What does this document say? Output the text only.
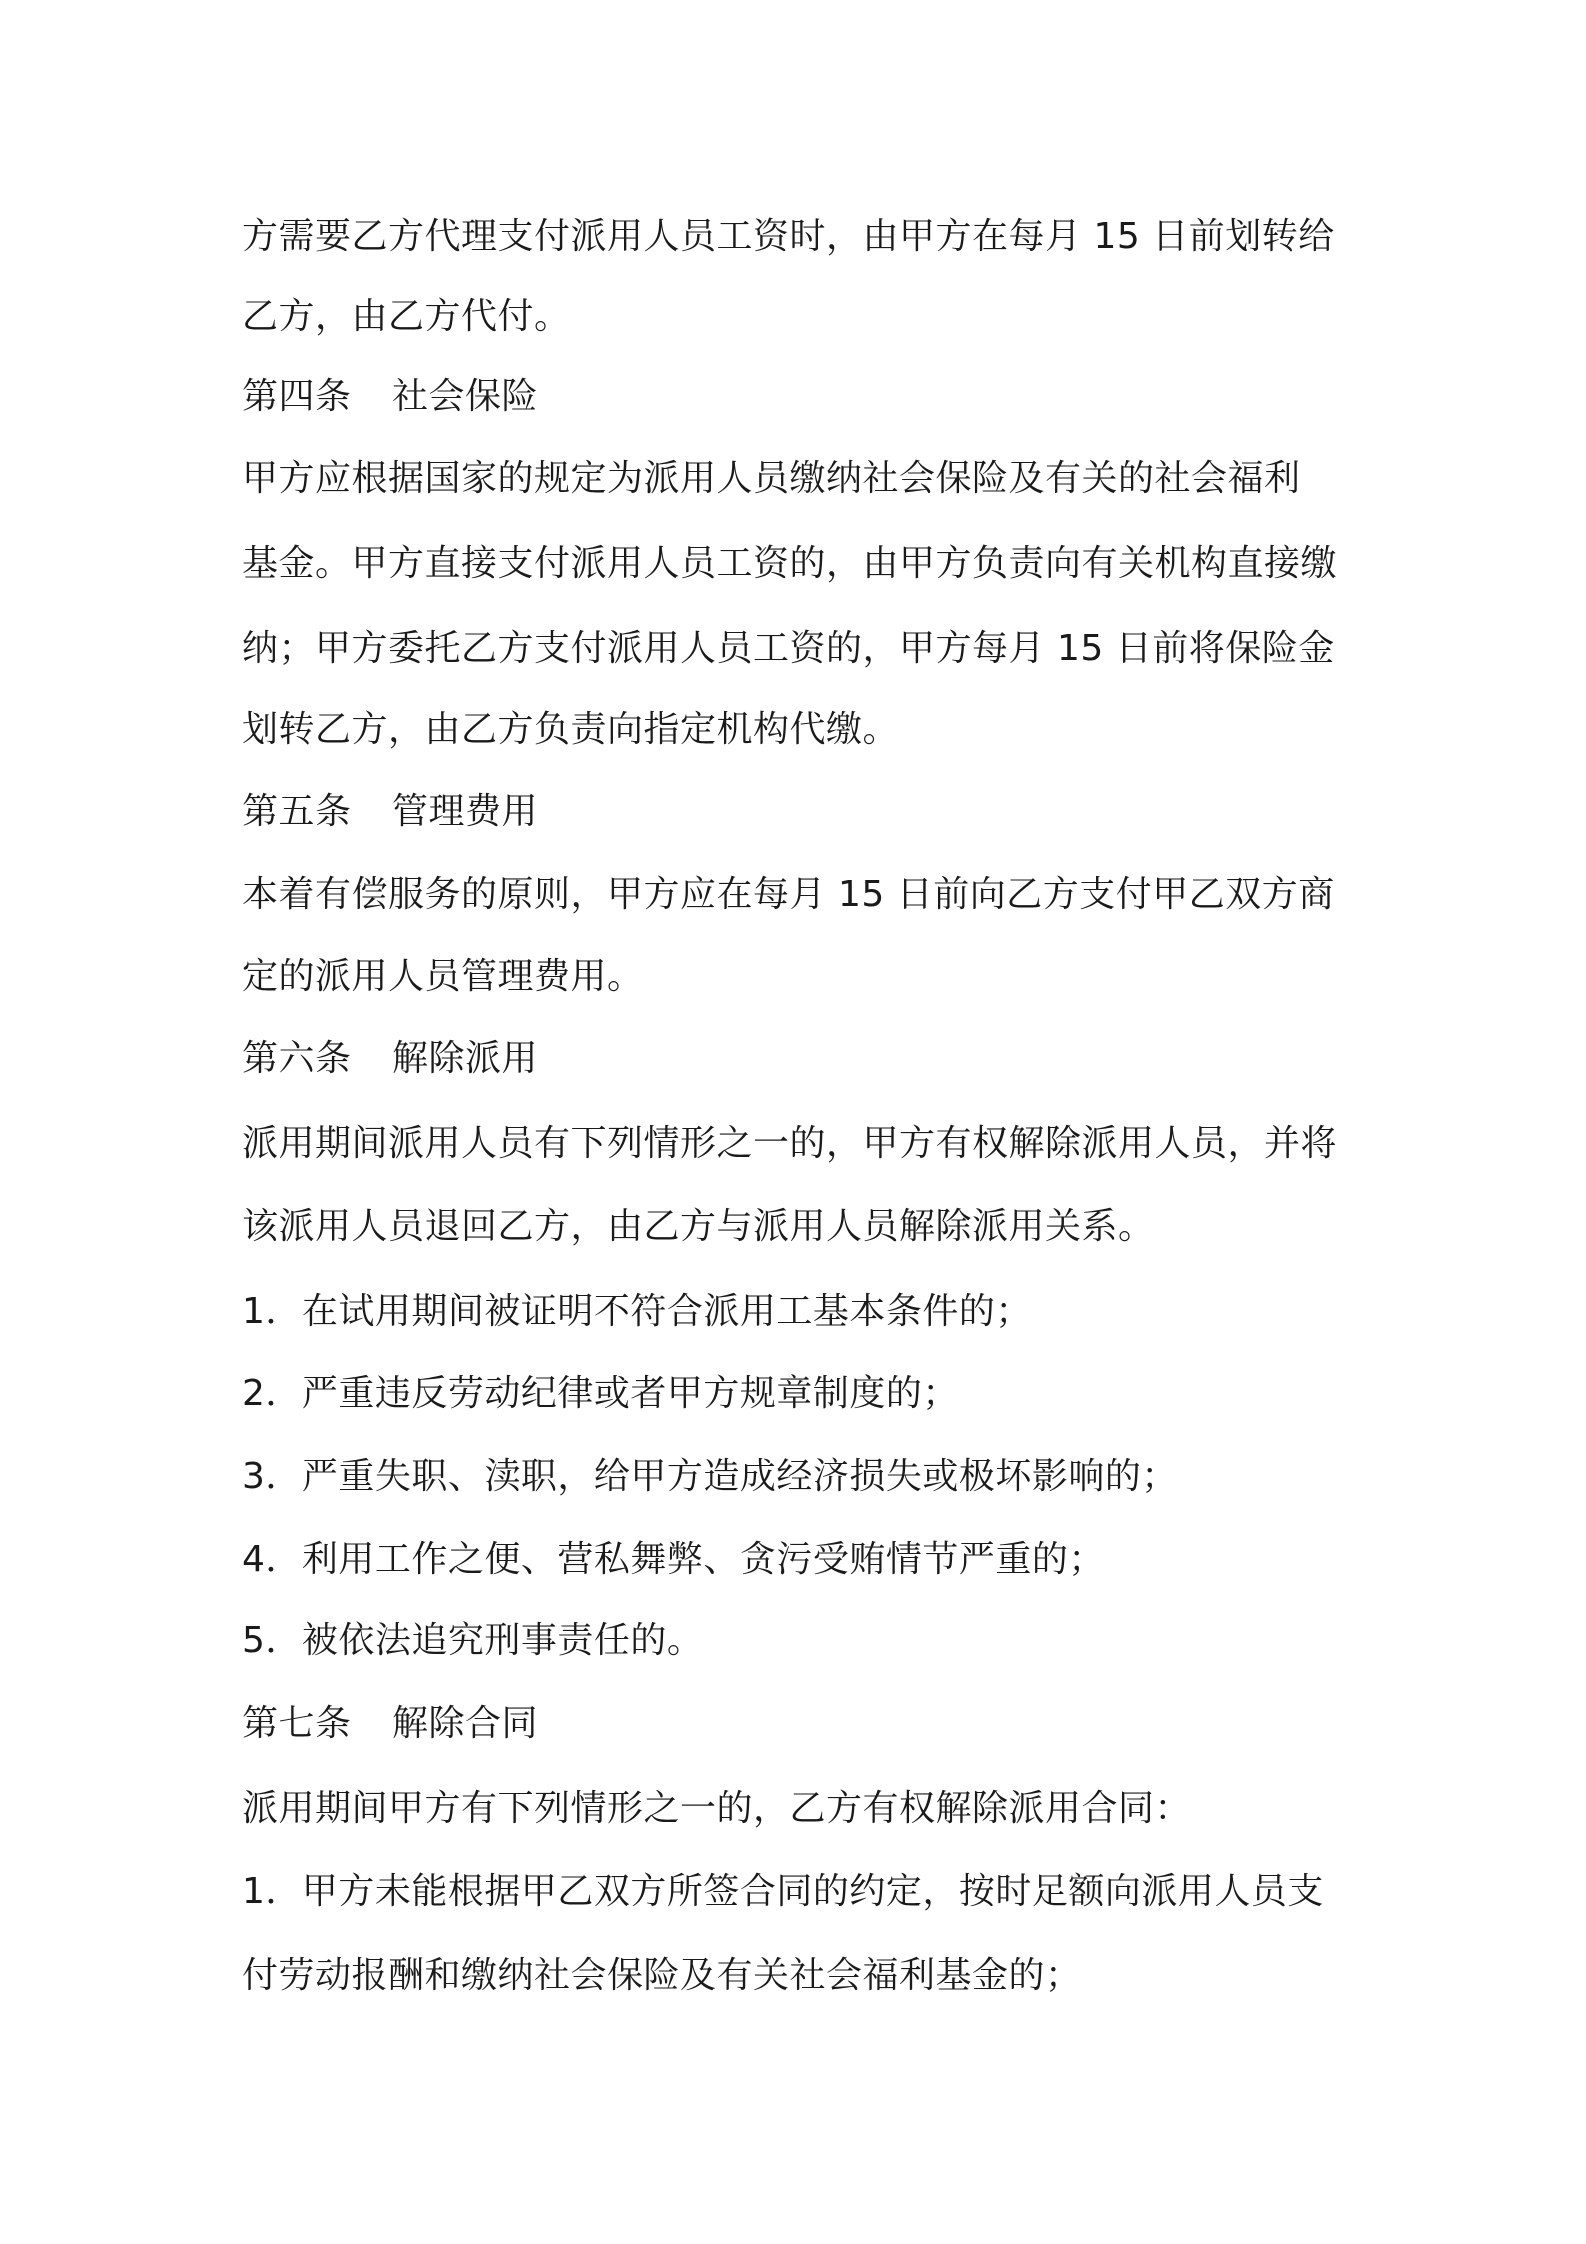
方需要乙方代理支付派用人员工资时，由甲方在每月 15 日前划转给
乙方，由乙方代付。
第四条 社会保险
甲方应根据国家的规定为派用人员缴纳社会保险及有关的社会福利
基金。甲方直接支付派用人员工资的，由甲方负责向有关机构直接缴
纳；甲方委托乙方支付派用人员工资的，甲方每月 15 日前将保险金
划转乙方，由乙方负责向指定机构代缴。
第五条 管理费用
本着有偿服务的原则，甲方应在每月 15 日前向乙方支付甲乙双方商
定的派用人员管理费用。
第六条 解除派用
派用期间派用人员有下列情形之一的，甲方有权解除派用人员，并将
该派用人员退回乙方，由乙方与派用人员解除派用关系。
1．在试用期间被证明不符合派用工基本条件的；
2．严重违反劳动纪律或者甲方规章制度的；
3．严重失职、渎职，给甲方造成经济损失或极坏影响的；
4．利用工作之便、营私舞弊、贪污受贿情节严重的；
5．被依法追究刑事责任的。
第七条 解除合同
派用期间甲方有下列情形之一的，乙方有权解除派用合同：
1．甲方未能根据甲乙双方所签合同的约定，按时足额向派用人员支
付劳动报酬和缴纳社会保险及有关社会福利基金的；
